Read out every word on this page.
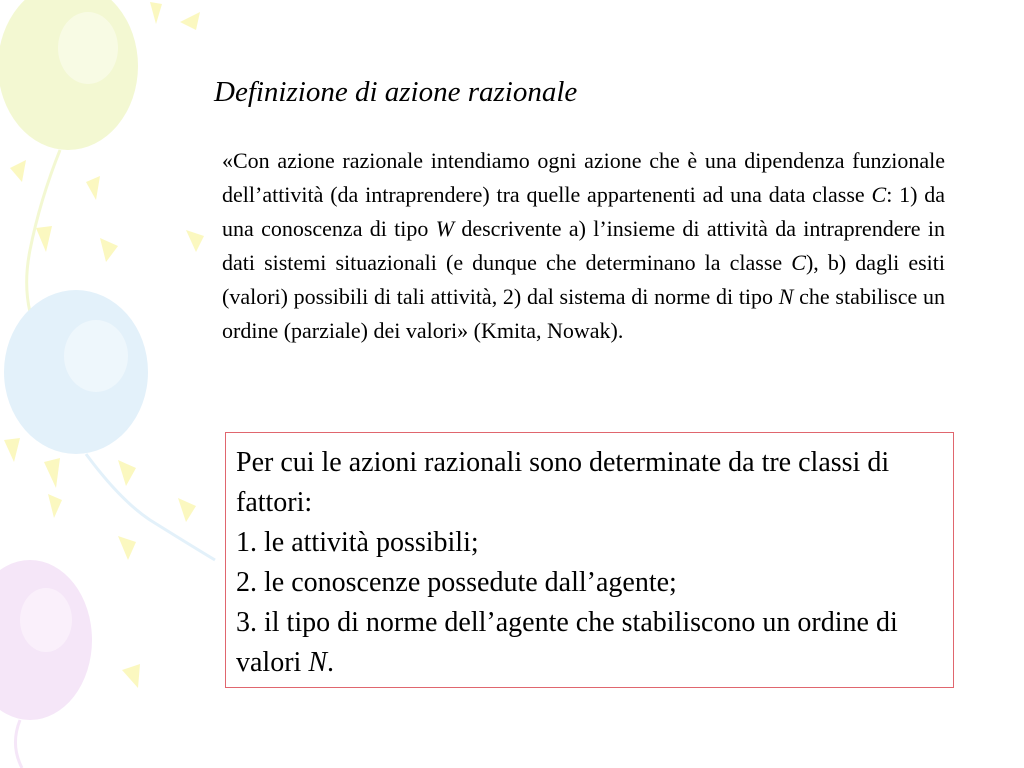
Definizione di azione razionale

«Con azione razionale intendiamo ogni azione che è una dipendenza funzionale dell’attività (da intraprendere) tra quelle appartenenti ad una data classe C: 1) da una conoscenza di tipo W descrivente a) l’insieme di attività da intraprendere in dati sistemi situazionali (e dunque che determinano la classe C), b) dagli esiti (valori) possibili di tali attività, 2) dal sistema di norme di tipo N che stabilisce un ordine (parziale) dei valori» (Kmita, Nowak).

Per cui le azioni razionali sono determinate da tre classi di fattori:

1. le attività possibili;

2. le conoscenze possedute dall’agente;

3. il tipo di norme dell’agente che stabiliscono un ordine di valori N.
